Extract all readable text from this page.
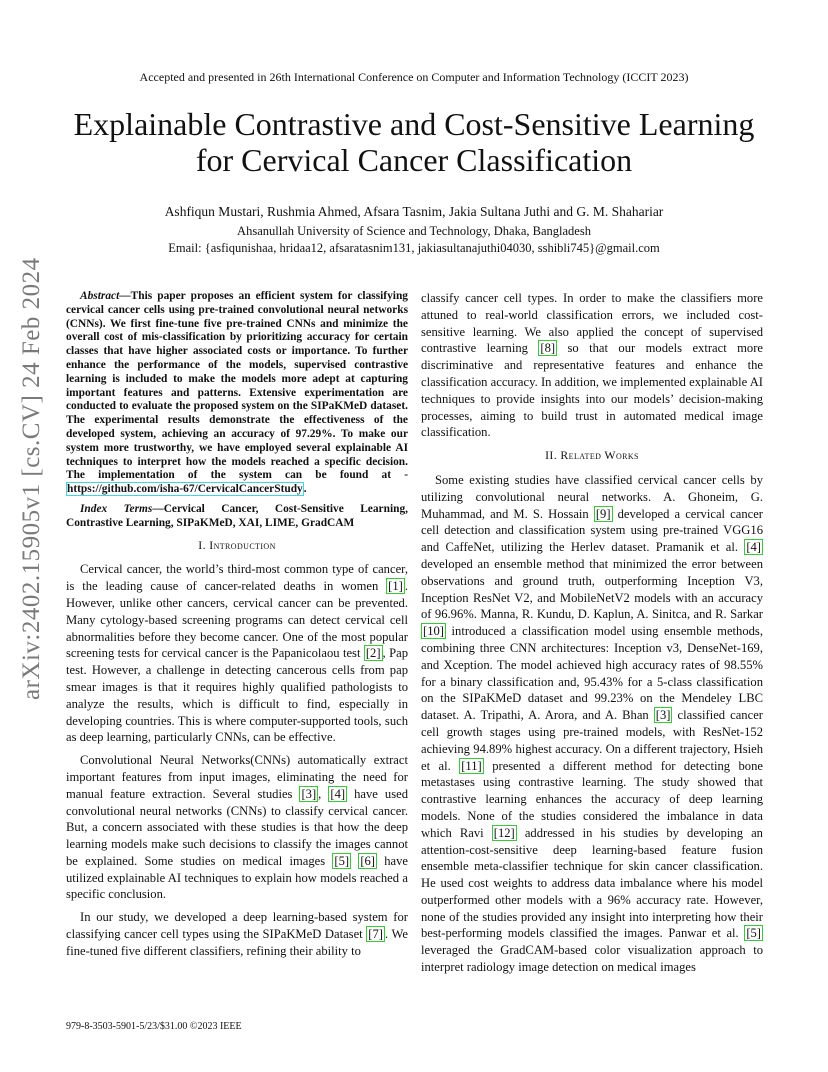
Accepted and presented in 26th International Conference on Computer and Information Technology (ICCIT 2023)
Explainable Contrastive and Cost-Sensitive Learning for Cervical Cancer Classification
Ashfiqun Mustari, Rushmia Ahmed, Afsara Tasnim, Jakia Sultana Juthi and G. M. Shahariar
Ahsanullah University of Science and Technology, Dhaka, Bangladesh
Email: {asfiqunishaa, hridaa12, afsaratasnim131, jakiasultanajuthi04030, sshibli745}@gmail.com
arXiv:2402.15905v1 [cs.CV] 24 Feb 2024	Abstract—This paper proposes an efficient system for classifying cervical cancer cells using pre-trained convolutional neural networks (CNNs). We first fine-tune five pre-trained CNNs and minimize the overall cost of mis-classification by prioritizing accuracy for certain classes that have higher associated costs or importance. To further enhance the performance of the models, supervised contrastive learning is included to make the models more adept at capturing important features and patterns. Extensive experimentation are conducted to evaluate the proposed system on the SIPaKMeD dataset. The experimental results demonstrate the effectiveness of the developed system, achieving an accuracy of 97.29%. To make our system more trustworthy, we have employed several explainable AI techniques to interpret how the models reached a specific decision. The implementation of the system can be found at - https://github.com/isha-67/CervicalCancerStudy.

Index Terms—Cervical Cancer, Cost-Sensitive Learning, Contrastive Learning, SIPaKMeD, XAI, LIME, GradCAM

I. Introduction

Cervical cancer, the world’s third-most common type of cancer, is the leading cause of cancer-related deaths in women [1] . However, unlike other cancers, cervical cancer can be prevented. Many cytology-based screening programs can detect cervical cell abnormalities before they become cancer. One of the most popular screening tests for cervical cancer is the Papanicolaou test [2] , Pap test. However, a challenge in detecting cancerous cells from pap smear images is that it requires highly qualified pathologists to analyze the results, which is difficult to find, especially in developing countries. This is where computer-supported tools, such as deep learning, particularly CNNs, can be effective.

Convolutional Neural Networks(CNNs) automatically extract important features from input images, eliminating the need for manual feature extraction. Several studies [3] , [4] have used convolutional neural networks (CNNs) to classify cervical cancer. But, a concern associated with these studies is that how the deep learning models make such decisions to classify the images cannot be explained. Some studies on medical images [5] [6] have utilized explainable AI techniques to explain how models reached a specific conclusion.

In our study, we developed a deep learning-based system for classifying cancer cell types using the SIPaKMeD Dataset [7] . We fine-tuned five different classifiers, refining their ability to

classify cancer cell types. In order to make the classifiers more attuned to real-world classification errors, we included cost-sensitive learning. We also applied the concept of supervised contrastive learning [8] so that our models extract more discriminative and representative features and enhance the classification accuracy. In addition, we implemented explainable AI techniques to provide insights into our models’ decision-making processes, aiming to build trust in automated medical image classification.

II. Related Works

Some existing studies have classified cervical cancer cells by utilizing convolutional neural networks. A. Ghoneim, G. Muhammad, and M. S. Hossain [9] developed a cervical cancer cell detection and classification system using pre-trained VGG16 and CaffeNet, utilizing the Herlev dataset. Pramanik et al. [4] developed an ensemble method that minimized the error between observations and ground truth, outperforming Inception V3, Inception ResNet V2, and MobileNetV2 models with an accuracy of 96.96%. Manna, R. Kundu, D. Kaplun, A. Sinitca, and R. Sarkar [10] introduced a classification model using ensemble methods, combining three CNN architectures: Inception v3, DenseNet-169, and Xception. The model achieved high accuracy rates of 98.55% for a binary classification and, 95.43% for a 5-class classification on the SIPaKMeD dataset and 99.23% on the Mendeley LBC dataset. A. Tripathi, A. Arora, and A. Bhan [3] classified cancer cell growth stages using pre-trained models, with ResNet-152 achieving 94.89% highest accuracy. On a different trajectory, Hsieh et al. [11] presented a different method for detecting bone metastases using contrastive learning. The study showed that contrastive learning enhances the accuracy of deep learning models. None of the studies considered the imbalance in data which Ravi [12] addressed in his studies by developing an attention-cost-sensitive deep learning-based feature fusion ensemble meta-classifier technique for skin cancer classification. He used cost weights to address data imbalance where his model outperformed other models with a 96% accuracy rate. However, none of the studies provided any insight into interpreting how their best-performing models classified the images. Panwar et al. [5] leveraged the GradCAM-based color visualization approach to interpret radiology image detection on medical images

979-8-3503-5901-5/23/$31.00 ©2023 IEEE
